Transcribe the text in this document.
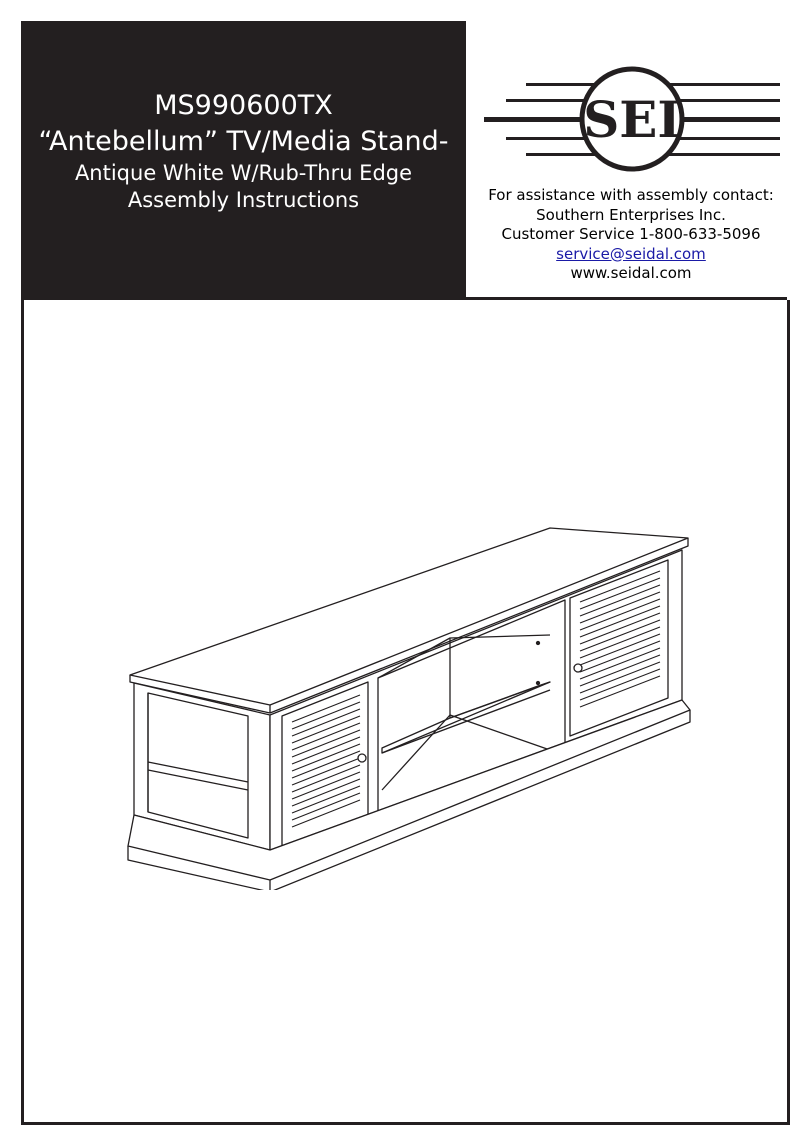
MS990600TX
“Antebellum” TV/Media Stand-
Antique White W/Rub-Thru Edge
Assembly Instructions
SEI
For assistance with assembly contact:
Southern Enterprises Inc.
Customer Service 1-800-633-5096
service@seidal.com
www.seidal.com
